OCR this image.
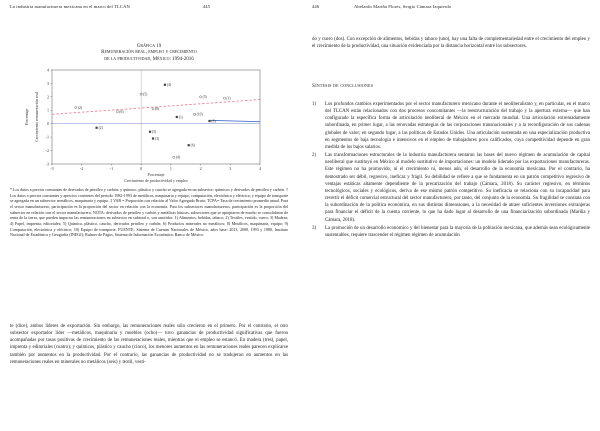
La industria manufacturera mexicana en el marco del TLCAN	445
Gráfica 19
Remuneración real, empleo y crecimiento
de la productividad, México: 1994-2016
-3	-2	-1	0	1	2	3	4
-3
-2
-1
0
1
2
3
4
Porcentaje Crecimiento remuneración real
Porcentaje
Crecimiento de productividad y empleo
(8)
(1)
(4)
(2)
(5)
(3)
(6)
(2)
(6)
(8)
(5)
(3)	(1)
(10)
(4)

* Los datos a precios constantes de derivados de petróleo y carbón; y químico, plástico y caucho se agregada en un subsector: químicos y derivados de petróleo y carbón. † Los datos a precios constantes y aprecios corrientes del periodo 1982-1993 de metálicos, maquinaria y equipo; computación, electrónica y eléctrica; y equipo de transporte se agregada en un subsector: metálicos, maquinaria y equipo. ‡ VAB = Proporción con relación al Valor Agregado Bruto; TCPA= Tasa de crecimiento promedio anual. Para el sector manufacturero, participación es la proporción del sector en relación con la economía. Para los subsectores manufactureros, participación es la proporción del subsector en relación con el sector manufacturero. NOTA: derivados de petróleo y carbón y metálicas básicas, subsectores que se apropiaron de mucho se consolidaron de renta de la tierra, que pueden impactar las remuneraciones en subsector en subtotal o, son omitidos: 1) Alimentos, bebidas, tabaco; 2) Textiles, vestido, cuero; 3) Madera; 4) Papel, imprenta, editoriales; 5) Química, plástico, caucho, derivados petróleo y carbón; 6) Productos minerales no metálicos; 8) Metálicos, maquinaria, equipo; 9) Computación, electrónica y eléctrico; 10) Equipo de transporte. FUENTE: Sistema de Cuentas Nacionales de México, años base: 2013, 2008, 1993 y 1980, Instituto Nacional de Estadística y Geografía (INEGI); Bulmer de Pagos, Sistema de Información Económica, Banco de México.

te (dice), ambos líderes de exportación. Sin embargo, las remuneraciones reales sólo crecieron en el primero. Por el contrario, el otro subsector exportador líder —metálicos, maquinaria y muebles (ocho)— tuvo ganancias de productividad significativas que fueron acompañadas por tasas positivas de crecimiento de las remuneraciones reales, mientras que el empleo se estancó. En madera (tres), papel, imprenta y editoriales (cuatro); y químicos, plástico y caucho (cinco), los menores aumentos en las remuneraciones reales parecen explicarse también por aumentos en la productividad. Por el contrario, las ganancias de productividad no se tradujeron en aumentos en las remuneraciones reales en minerales no metálicos (seis) y textil, vesti-

446	Abelardo Mariña Flores, Sergio Cámara Izquierdo

do y cuero (dos). Con excepción de alimentos, bebidas y tabaco (uno), hay una falta de complementariedad entre el crecimiento del empleo y el crecimiento de la productividad, una situación evidenciada por la distancia horizontal entre los subsectores.

Síntesis de conclusiones
1) Los profundos cambios experimentados por el sector manufacturero mexicano durante el neoliberalismo y, en particular, en el marco del TLCAN están relacionados con dos procesos concomitantes —la reestructuración del trabajo y la apertura externa— que han configurado la específica forma de articulación neoliberal de México en el mercado mundial. Una articulación extremadamente subordinada, en primer lugar, a las renovadas estrategias de las corporaciones transnacionales y a la reconfiguración de sus cadenas globales de valor; en segundo lugar, a las políticas de Estados Unidos. Una articulación sustentada en una especialización productiva en segmentos de baja tecnología e intensivos en el empleo de trabajadores poco calificados, cuya competitividad depende en gran medida de los bajos salarios.

2) Las transformaciones estructurales de la industria manufacturera sentaron las bases del nuevo régimen de acumulación de capital neoliberal que sustituyó en México al modelo sustitutivo de importaciones: un modelo liderado por las exportaciones manufactureras. Este régimen no ha promovido, ni el crecimiento ni, menos aún, el desarrollo de la economía mexicana. Por el contrario, ha demostrado ser débil, regresivo, ineficaz y frágil. Su debilidad se refiere a que se fundamenta en un patrón competitivo regresivo de ventajas estáticas altamente dependiente de la precarización del trabajo (Cámara, 2018). Su carácter regresivo, en términos tecnológicos, sociales y ecológicos, deriva de ese mismo patrón competitivo. Su ineficacia se relaciona con su incapacidad para revertir el déficit comercial estructural del sector manufacturero, por tanto, del conjunto de la economía. Su fragilidad se constata con la subordinación de la política económica, en sus distintas dimensiones, a la necesidad de atraer suficientes inversiones extranjeras para financiar el déficit de la cuenta corriente, lo que ha dado lugar al desarrollo de una financiarización subordinada (Mariña y Cámara, 2018).

3) La promoción de un desarrollo económico y del bienestar para la mayoría de la población mexicana, que además sean ecológicamente sustentables, requiere trascender el régimen régimen de acumulación
